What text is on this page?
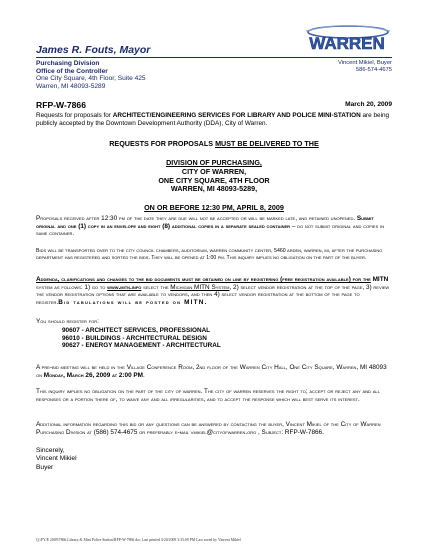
James R. Fouts, Mayor
Purchasing Division
Office of the Controller
One City Square, 4th Floor, Suite 425
Warren, MI 48093-5289
Vincent Mikiel, Buyer
586-574-4675
WARREN
RFP-W-7866	March 20, 2009
Requests for proposals for ARCHITECT/ENGINEERING SERVICES FOR LIBRARY AND POLICE MINI-STATION are being publicly accepted by the Downtown Development Authority (DDA), City of Warren.
REQUESTS FOR PROPOSALS MUST BE DELIVERED TO THE
DIVISION OF PURCHASING,
CITY OF WARREN,
ONE CITY SQUARE, 4TH FLOOR
WARREN, MI 48093-5289,
ON OR BEFORE 12:30 PM, APRIL 8, 2009
Proposals received after 12:30 pm of the date they are due will not be accepted or will be marked late, and retained unopened. Submit original and one (1) copy in an envelope and eight (8) additional copies in a separate sealed container – do not submit original and copies in same container.
Bids will be transported over to the city council chambers, auditorium, warren community center, 5460 arden, warren, mi, after the purchasing department has registered and sorted the bids. They will be opened at 1:00 pm. This inquiry implies no obligation on the part of the buyer.
Addenda, clarifications and changes to the bid documents must be obtained on line by registering (free registration available) for the MITN system as follows: 1) go to www.mitn.info select the Michigan MITN System, 2) select vendor registration at the top of the page, 3) review the vendor registration options that are available to vendors, and then 4) select vendor registration at the bottom of the page to register.Bid tabulations will be posted on MITN.
You should register for:
90607 - ARCHITECT SERVICES, PROFESSIONAL
96010 - BUILDINGS - ARCHITECTURAL DESIGN
90627 - ENERGY MANAGEMENT - ARCHITECTURAL
A pre-bid meeting will be held in the Village Conference Room, 2nd floor of the Warren City Hall, One City Square, Warren, MI 48093 on Monday, March 26, 2009 at 2:00 PM.
This inquiry implies no obligation on the part of the city of warren. The city of warren reserves the right to; accept or reject any and all responses or a portion there of, to waive any and all irregularities, and to accept the response which will best serve its interest.
Additional information regarding this bid or any questions can be answered by contacting the buyer, Vincent Mikiel of the City of Warren Purchasing Division at (586) 574-4675 or preferably e-mail vmikiel@cityofwarren.org , Subject: RFP-W-7866.
Sincerely,
Vincent Mikiel
Buyer
Q:\FY/E 2009\7866 Library & Mini Police Station\RFP-W-7866.doc Last printed 3/20/2009 3:35:00 PM Last saved by Vincent Mikiel
